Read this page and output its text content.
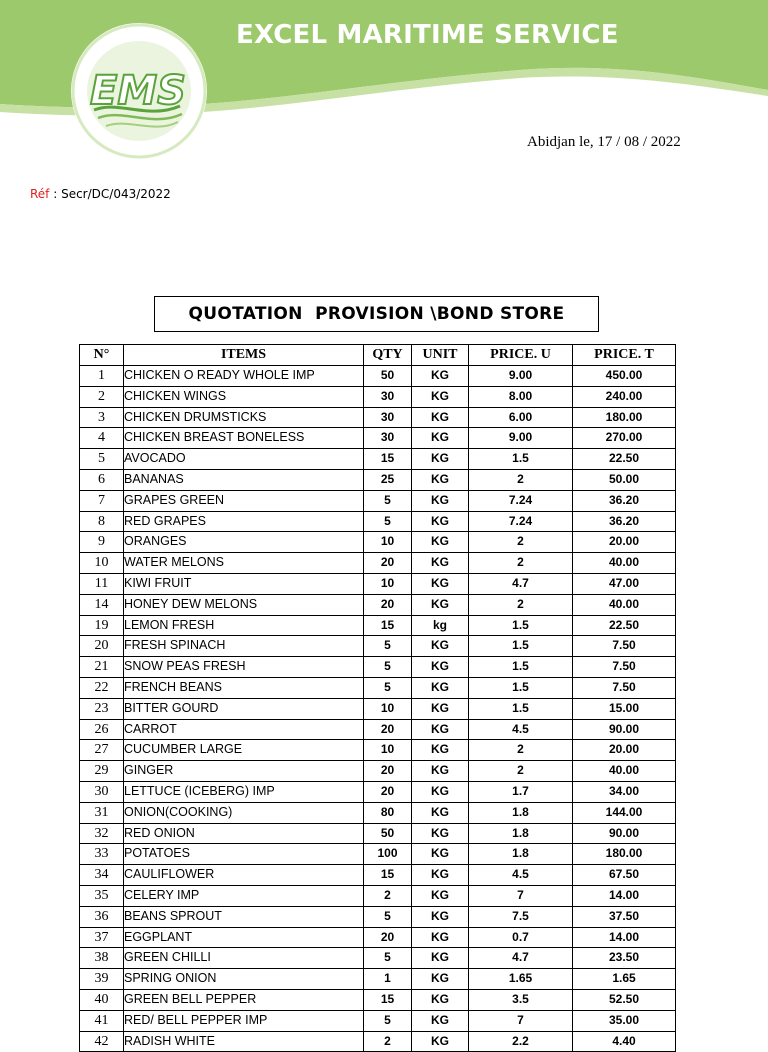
EMS
EXCEL MARITIME SERVICE
Abidjan le, 17 / 08 / 2022
Réf : Secr/DC/043/2022
QUOTATION  PROVISION \BOND STORE
N°	ITEMS	QTY	UNIT	PRICE. U	PRICE. T
1	CHICKEN O READY WHOLE IMP	50	KG	9.00	450.00
2	CHICKEN WINGS	30	KG	8.00	240.00
3	CHICKEN DRUMSTICKS	30	KG	6.00	180.00
4	CHICKEN BREAST BONELESS	30	KG	9.00	270.00
5	AVOCADO	15	KG	1.5	22.50
6	BANANAS	25	KG	2	50.00
7	GRAPES GREEN	5	KG	7.24	36.20
8	RED GRAPES	5	KG	7.24	36.20
9	ORANGES	10	KG	2	20.00
10	WATER MELONS	20	KG	2	40.00
11	KIWI FRUIT	10	KG	4.7	47.00
14	HONEY DEW MELONS	20	KG	2	40.00
19	LEMON FRESH	15	kg	1.5	22.50
20	FRESH SPINACH	5	KG	1.5	7.50
21	SNOW PEAS FRESH	5	KG	1.5	7.50
22	FRENCH BEANS	5	KG	1.5	7.50
23	BITTER GOURD	10	KG	1.5	15.00
26	CARROT	20	KG	4.5	90.00
27	CUCUMBER LARGE	10	KG	2	20.00
29	GINGER	20	KG	2	40.00
30	LETTUCE (ICEBERG) IMP	20	KG	1.7	34.00
31	ONION(COOKING)	80	KG	1.8	144.00
32	RED ONION	50	KG	1.8	90.00
33	POTATOES	100	KG	1.8	180.00
34	CAULIFLOWER	15	KG	4.5	67.50
35	CELERY IMP	2	KG	7	14.00
36	BEANS SPROUT	5	KG	7.5	37.50
37	EGGPLANT	20	KG	0.7	14.00
38	GREEN CHILLI	5	KG	4.7	23.50
39	SPRING ONION	1	KG	1.65	1.65
40	GREEN BELL PEPPER	15	KG	3.5	52.50
41	RED/ BELL PEPPER IMP	5	KG	7	35.00
42	RADISH WHITE	2	KG	2.2	4.40
